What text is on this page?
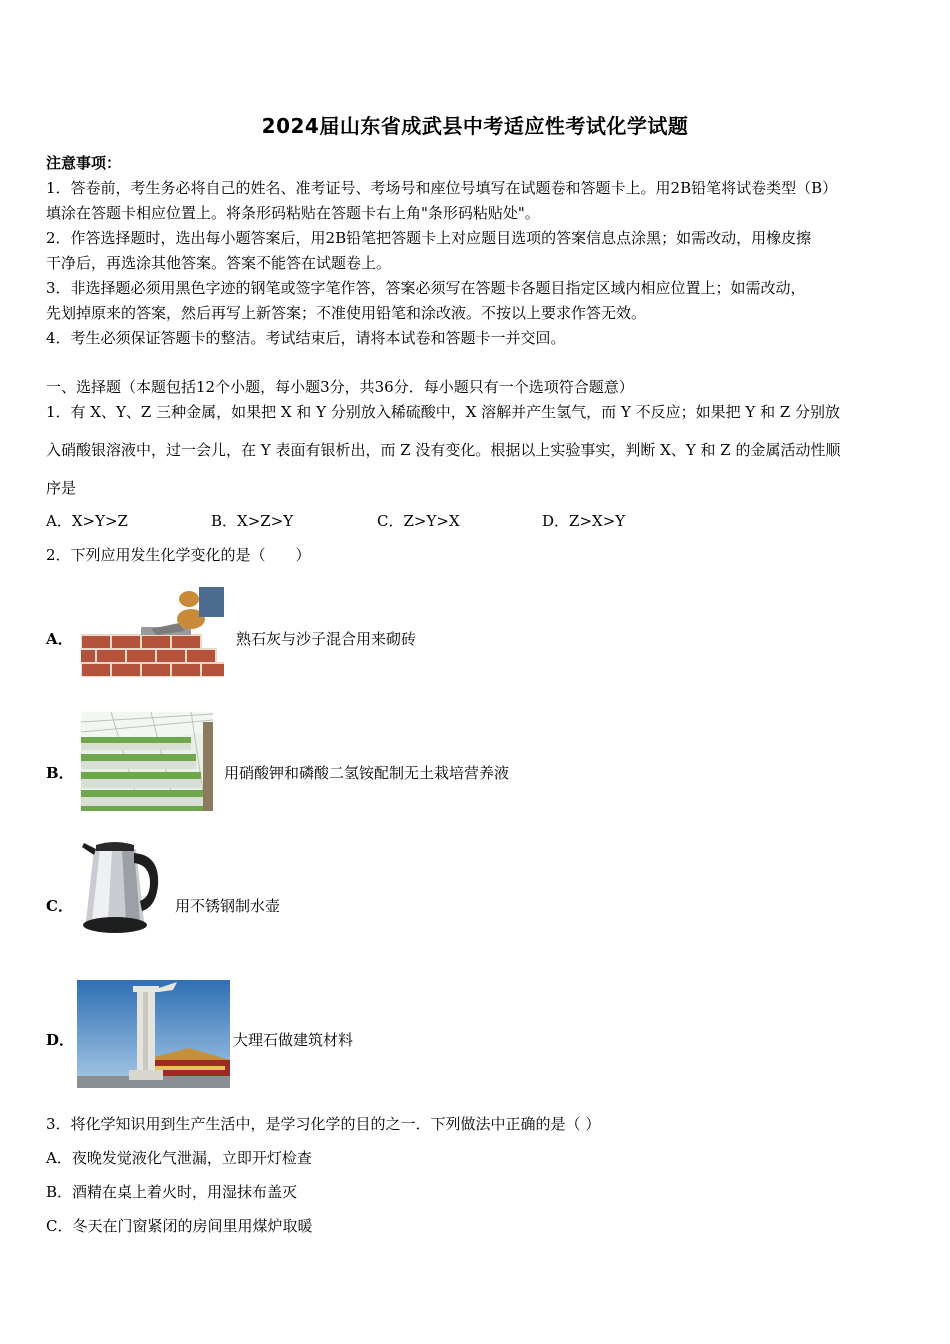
2024届山东省成武县中考适应性考试化学试题
注意事项：
1．答卷前，考生务必将自己的姓名、准考证号、考场号和座位号填写在试题卷和答题卡上。用2B铅笔将试卷类型（B）
填涂在答题卡相应位置上。将条形码粘贴在答题卡右上角"条形码粘贴处"。
2．作答选择题时，选出每小题答案后，用2B铅笔把答题卡上对应题目选项的答案信息点涂黑；如需改动，用橡皮擦
干净后，再选涂其他答案。答案不能答在试题卷上。
3．非选择题必须用黑色字迹的钢笔或签字笔作答，答案必须写在答题卡各题目指定区域内相应位置上；如需改动，
先划掉原来的答案，然后再写上新答案；不准使用铅笔和涂改液。不按以上要求作答无效。
4．考生必须保证答题卡的整洁。考试结束后，请将本试卷和答题卡一并交回。
一、选择题（本题包括12个小题，每小题3分，共36分．每小题只有一个选项符合题意）
1．有 X、Y、Z 三种金属，如果把 X 和 Y 分别放入稀硫酸中，X 溶解并产生氢气，而 Y 不反应；如果把 Y 和 Z 分别放
入硝酸银溶液中，过一会儿，在 Y 表面有银析出，而 Z 没有变化。根据以上实验事实，判断 X、Y 和 Z 的金属活动性顺
序是
A．X>Y>Z	B．X>Z>Y	C．Z>Y>X	D．Z>X>Y
2．下列应用发生化学变化的是（　　）
A．	熟石灰与沙子混合用来砌砖
B．	用硝酸钾和磷酸二氢铵配制无土栽培营养液
C．	用不锈钢制水壶
D．	大理石做建筑材料
3．将化学知识用到生产生活中，是学习化学的目的之一．下列做法中正确的是（ ）
A．夜晚发觉液化气泄漏，立即开灯检查
B．酒精在桌上着火时，用湿抹布盖灭
C．冬天在门窗紧闭的房间里用煤炉取暖
